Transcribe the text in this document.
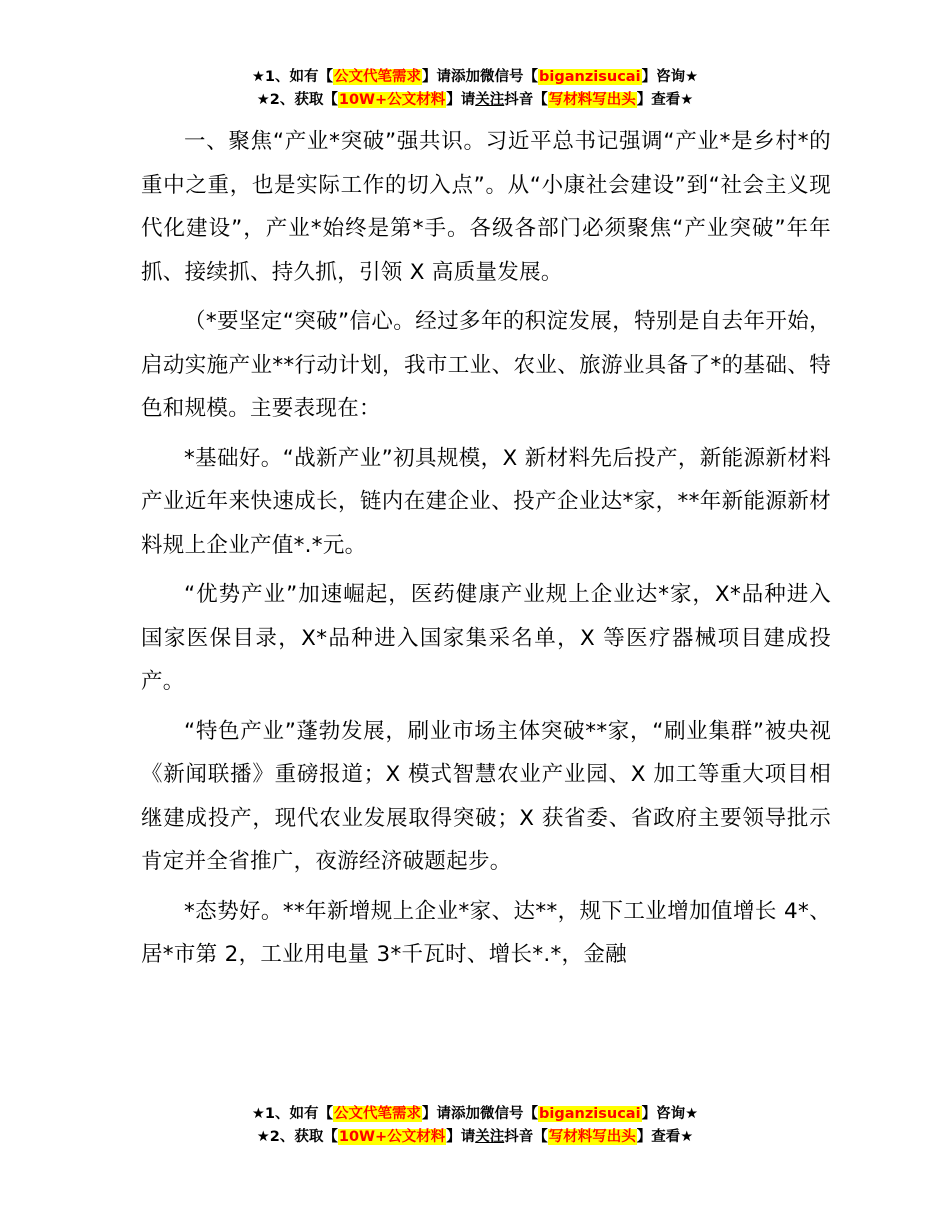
★1、如有【公文代笔需求】请添加微信号【biganzisucai】咨询★
★2、获取【10W+公文材料】请关注抖音【写材料写出头】查看★

一、聚焦“产业*突破”强共识。习近平总书记强调“产业*是乡村*的重中之重，也是实际工作的切入点”。从“小康社会建设”到“社会主义现代化建设”，产业*始终是第*手。各级各部门必须聚焦“产业突破”年年抓、接续抓、持久抓，引领 X 高质量发展。

（*要坚定“突破”信心。经过多年的积淀发展，特别是自去年开始，启动实施产业**行动计划，我市工业、农业、旅游业具备了*的基础、特色和规模。主要表现在：

*基础好。“战新产业”初具规模，X 新材料先后投产，新能源新材料产业近年来快速成长，链内在建企业、投产企业达*家，**年新能源新材料规上企业产值*.*元。

“优势产业”加速崛起，医药健康产业规上企业达*家，X*品种进入国家医保目录，X*品种进入国家集采名单，X 等医疗器械项目建成投产。

“特色产业”蓬勃发展，刷业市场主体突破**家，“刷业集群”被央视《新闻联播》重磅报道；X 模式智慧农业产业园、X 加工等重大项目相继建成投产，现代农业发展取得突破；X 获省委、省政府主要领导批示肯定并全省推广，夜游经济破题起步。

*态势好。**年新增规上企业*家、达**，规下工业增加值增长 4*、居*市第 2，工业用电量 3*千瓦时、增长*.*，金融

★1、如有【公文代笔需求】请添加微信号【biganzisucai】咨询★
★2、获取【10W+公文材料】请关注抖音【写材料写出头】查看★
